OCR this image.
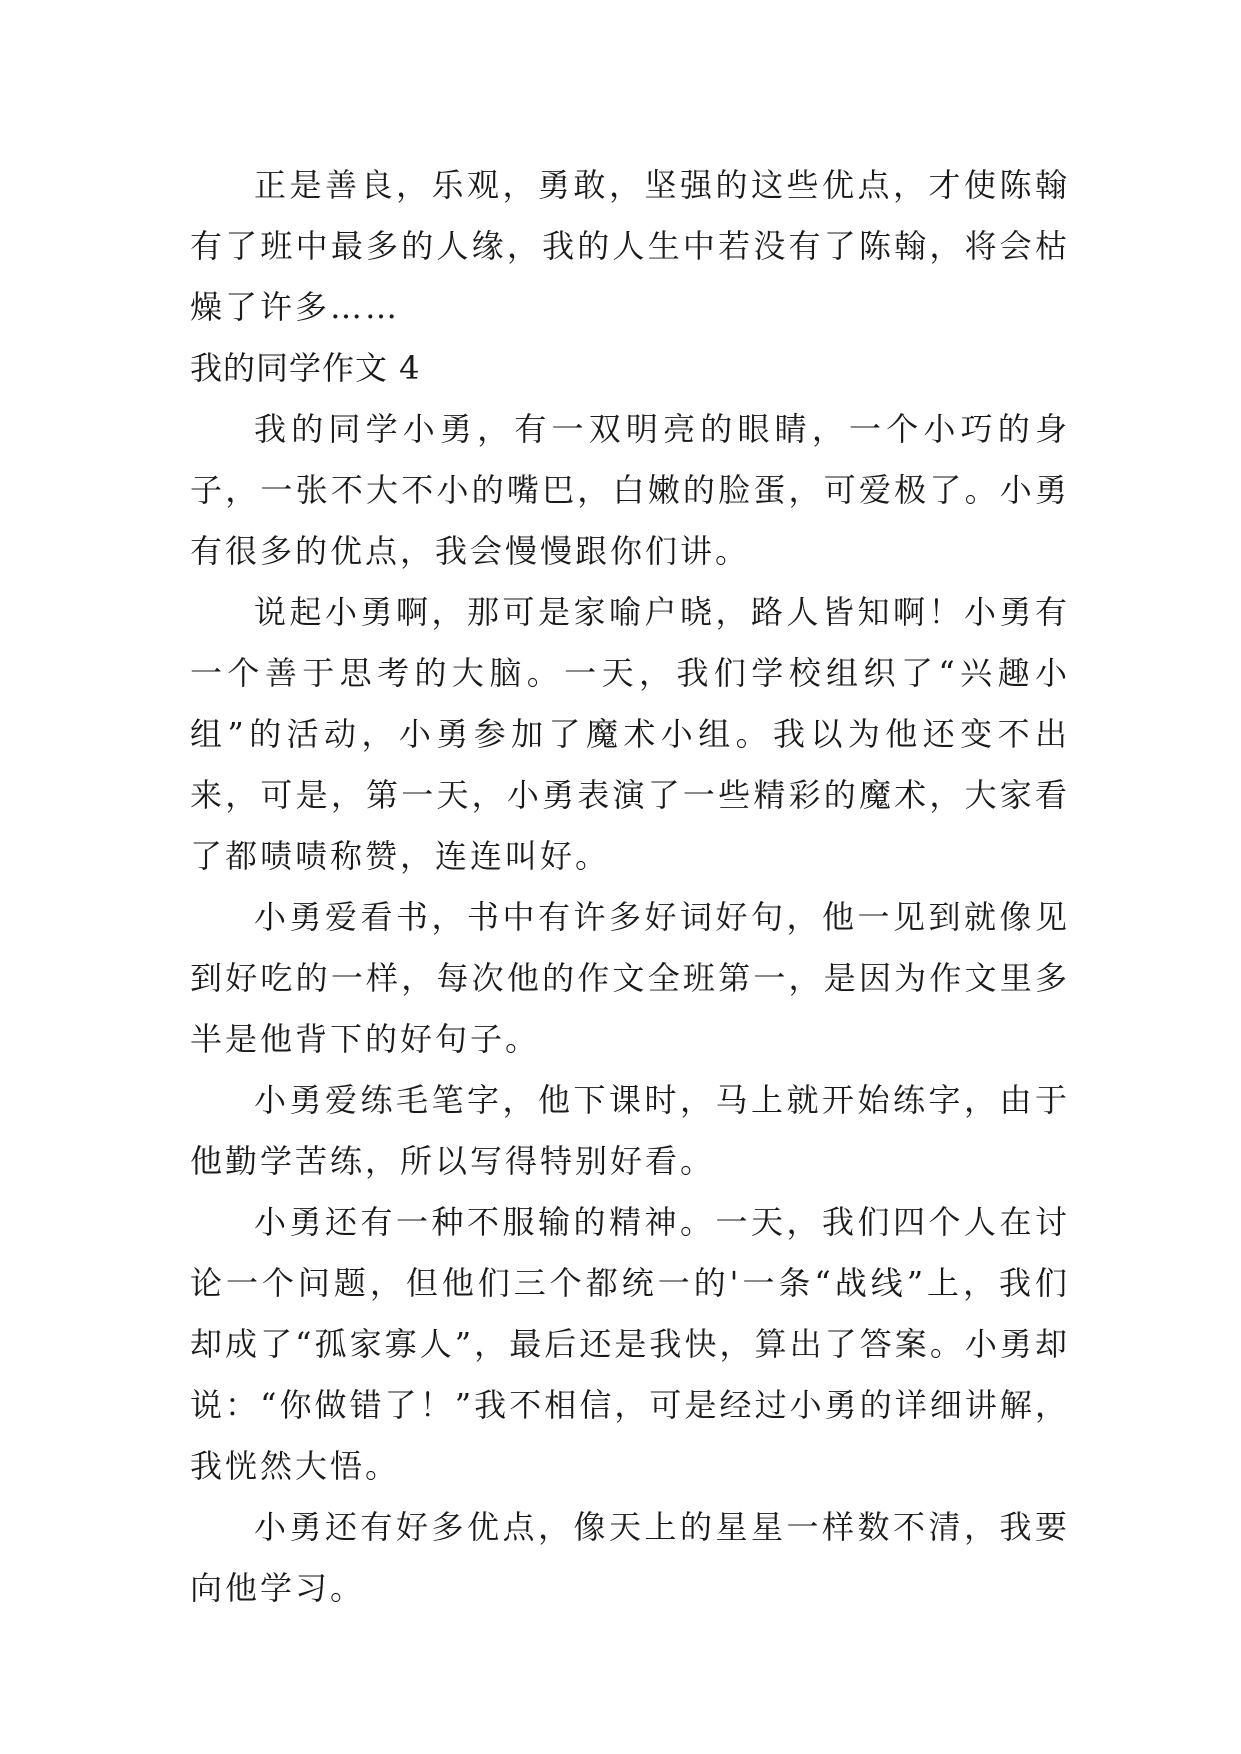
正是善良，乐观，勇敢，坚强的这些优点，才使陈翰有了班中最多的人缘，我的人生中若没有了陈翰，将会枯燥了许多……

我的同学作文 4

我的同学小勇，有一双明亮的眼睛，一个小巧的身子，一张不大不小的嘴巴，白嫩的脸蛋，可爱极了。小勇有很多的优点，我会慢慢跟你们讲。

说起小勇啊，那可是家喻户晓，路人皆知啊！小勇有一个善于思考的大脑。一天，我们学校组织了“兴趣小组”的活动，小勇参加了魔术小组。我以为他还变不出来，可是，第一天，小勇表演了一些精彩的魔术，大家看了都啧啧称赞，连连叫好。

小勇爱看书，书中有许多好词好句，他一见到就像见到好吃的一样，每次他的作文全班第一，是因为作文里多半是他背下的好句子。

小勇爱练毛笔字，他下课时，马上就开始练字，由于他勤学苦练，所以写得特别好看。

小勇还有一种不服输的精神。一天，我们四个人在讨论一个问题，但他们三个都统一的'一条“战线”上，我们却成了“孤家寡人”，最后还是我快，算出了答案。小勇却说：“你做错了！”我不相信，可是经过小勇的详细讲解，我恍然大悟。

小勇还有好多优点，像天上的星星一样数不清，我要向他学习。
